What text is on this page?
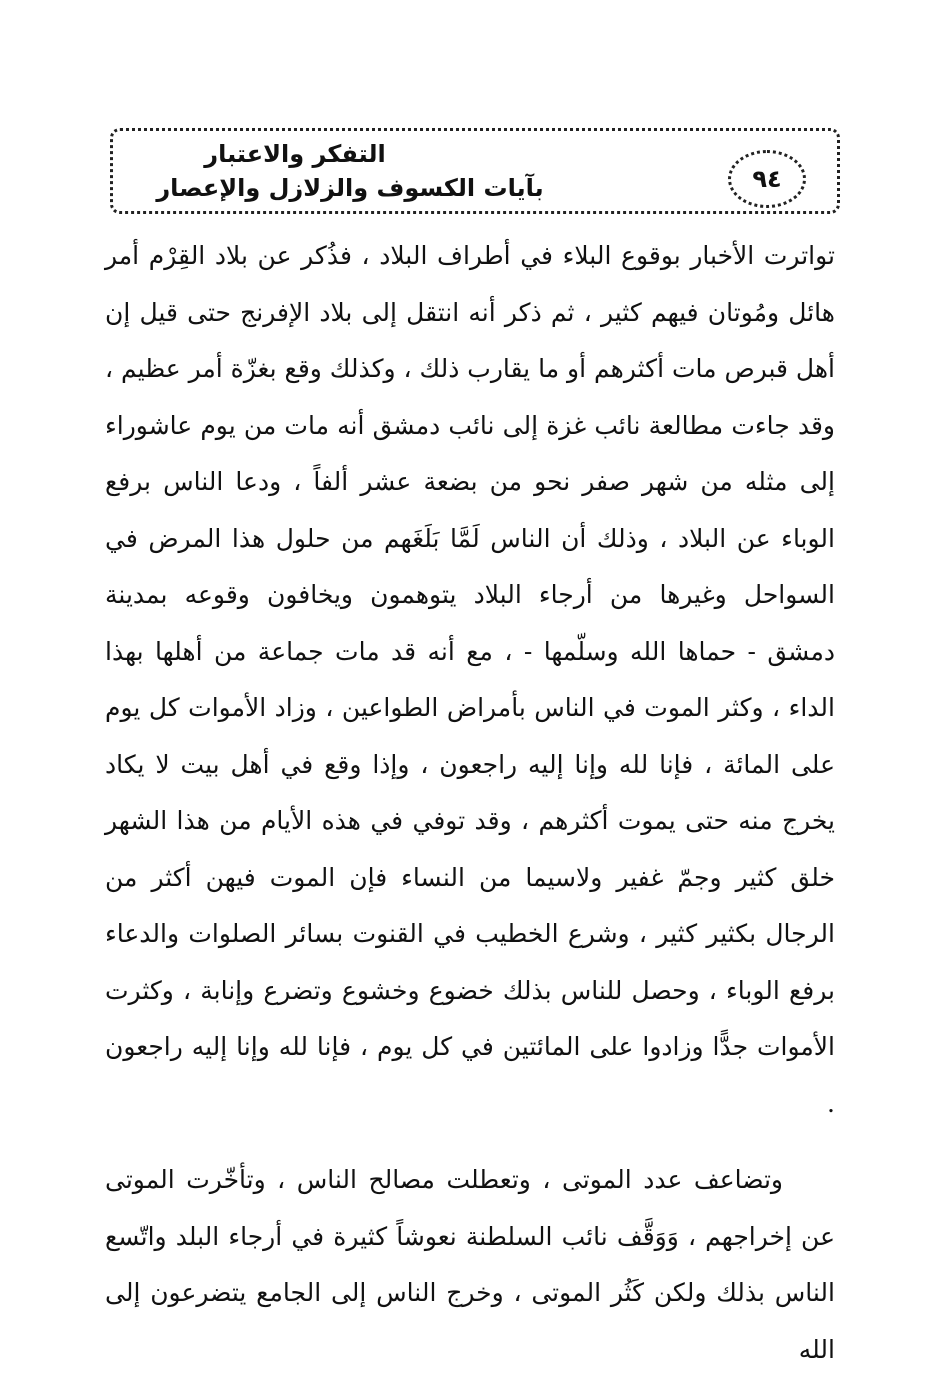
٩٤
التفكر والاعتبار
بآيات الكسوف والزلازل والإعصار

تواترت الأخبار بوقوع البلاء في أطراف البلاد ، فذُكر عن بلاد القِرْم أمر هائل ومُوتان فيهم كثير ، ثم ذكر أنه انتقل إلى بلاد الإفرنج حتى قيل إن أهل قبرص مات أكثرهم أو ما يقارب ذلك ، وكذلك وقع بغزّة أمر عظيم ، وقد جاءت مطالعة نائب غزة إلى نائب دمشق أنه مات من يوم عاشوراء إلى مثله من شهر صفر نحو من بضعة عشر ألفاً ، ودعا الناس برفع الوباء عن البلاد ، وذلك أن الناس لَمَّا بَلَغَهم من حلول هذا المرض في السواحل وغيرها من أرجاء البلاد يتوهمون ويخافون وقوعه بمدينة دمشق - حماها الله وسلّمها - ، مع أنه قد مات جماعة من أهلها بهذا الداء ، وكثر الموت في الناس بأمراض الطواعين ، وزاد الأموات كل يوم على المائة ، فإنا لله وإنا إليه راجعون ، وإذا وقع في أهل بيت لا يكاد يخرج منه حتى يموت أكثرهم ، وقد توفي في هذه الأيام من هذا الشهر خلق كثير وجمّ غفير ولاسيما من النساء فإن الموت فيهن أكثر من الرجال بكثير كثير ، وشرع الخطيب في القنوت بسائر الصلوات والدعاء برفع الوباء ، وحصل للناس بذلك خضوع وخشوع وتضرع وإنابة ، وكثرت الأموات جدًّا وزادوا على المائتين في كل يوم ، فإنا لله وإنا إليه راجعون .

وتضاعف عدد الموتى ، وتعطلت مصالح الناس ، وتأخّرت الموتى عن إخراجهم ، وَوَقَّف نائب السلطنة نعوشاً كثيرة في أرجاء البلد واتّسع الناس بذلك ولكن كَثُر الموتى ، وخرج الناس إلى الجامع يتضرعون إلى الله
